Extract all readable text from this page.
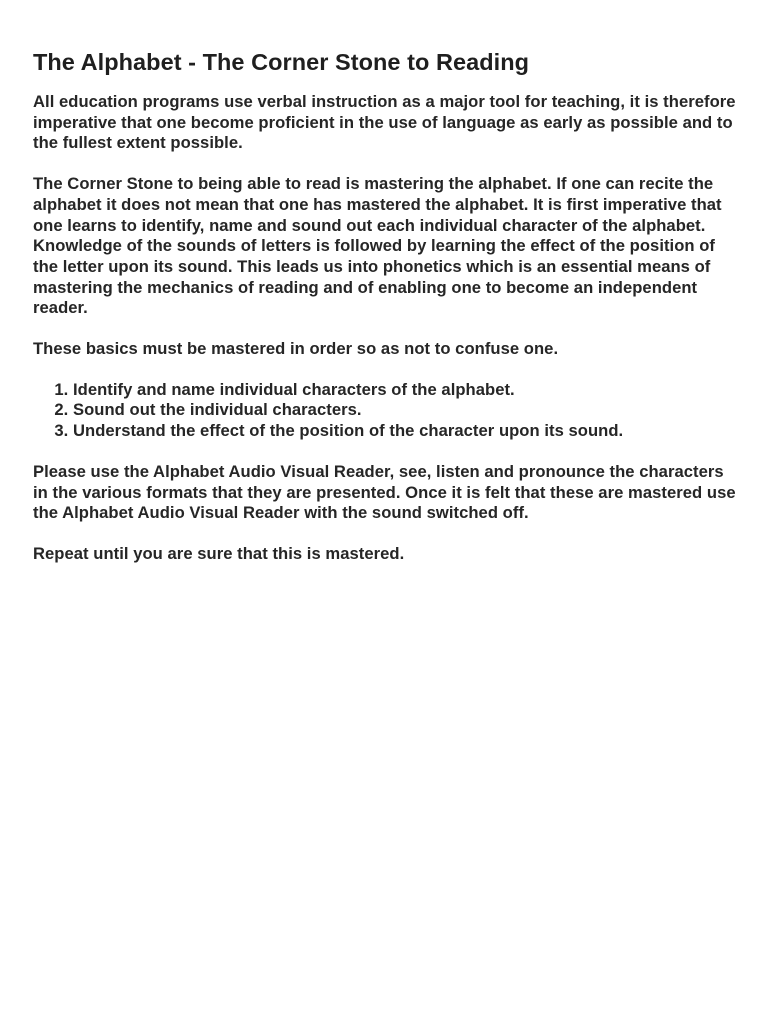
The Alphabet - The Corner Stone to Reading

All education programs use verbal instruction as a major tool for teaching, it is therefore imperative that one become proficient in the use of language as early as possible and to the fullest extent possible.

The Corner Stone to being able to read is mastering the alphabet. If one can recite the alphabet it does not mean that one has mastered the alphabet. It is first imperative that one learns to identify, name and sound out each individual character of the alphabet. Knowledge of the sounds of letters is followed by learning the effect of the position of the letter upon its sound. This leads us into phonetics which is an essential means of mastering the mechanics of reading and of enabling one to become an independent reader.

These basics must be mastered in order so as not to confuse one.

1. Identify and name individual characters of the alphabet.
2. Sound out the individual characters.
3. Understand the effect of the position of the character upon its sound.

Please use the Alphabet Audio Visual Reader, see, listen and pronounce the characters in the various formats that they are presented. Once it is felt that these are mastered use the Alphabet Audio Visual Reader with the sound switched off.

Repeat until you are sure that this is mastered.
